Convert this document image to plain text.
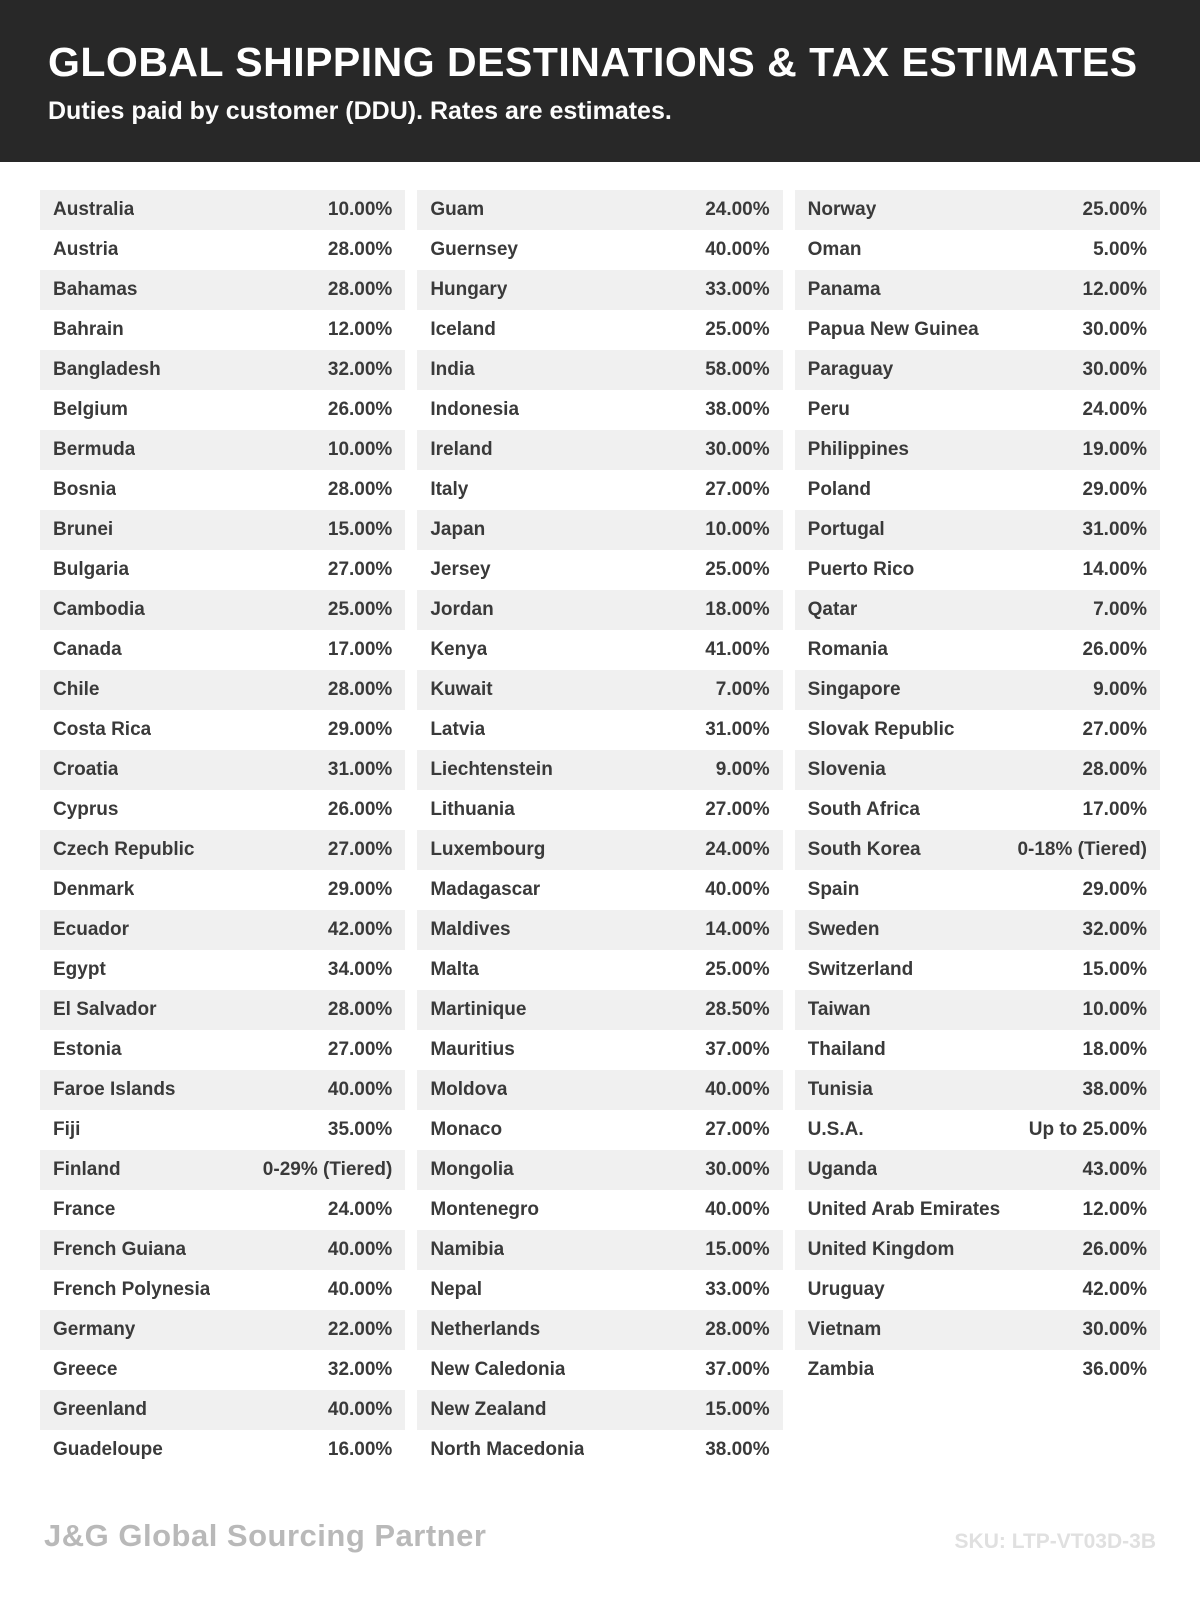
GLOBAL SHIPPING DESTINATIONS & TAX ESTIMATES
Duties paid by customer (DDU). Rates are estimates.
Australia	10.00%
Austria	28.00%
Bahamas	28.00%
Bahrain	12.00%
Bangladesh	32.00%
Belgium	26.00%
Bermuda	10.00%
Bosnia	28.00%
Brunei	15.00%
Bulgaria	27.00%
Cambodia	25.00%
Canada	17.00%
Chile	28.00%
Costa Rica	29.00%
Croatia	31.00%
Cyprus	26.00%
Czech Republic	27.00%
Denmark	29.00%
Ecuador	42.00%
Egypt	34.00%
El Salvador	28.00%
Estonia	27.00%
Faroe Islands	40.00%
Fiji	35.00%
Finland	0-29% (Tiered)
France	24.00%
French Guiana	40.00%
French Polynesia	40.00%
Germany	22.00%
Greece	32.00%
Greenland	40.00%
Guadeloupe	16.00%
Guam	24.00%
Guernsey	40.00%
Hungary	33.00%
Iceland	25.00%
India	58.00%
Indonesia	38.00%
Ireland	30.00%
Italy	27.00%
Japan	10.00%
Jersey	25.00%
Jordan	18.00%
Kenya	41.00%
Kuwait	7.00%
Latvia	31.00%
Liechtenstein	9.00%
Lithuania	27.00%
Luxembourg	24.00%
Madagascar	40.00%
Maldives	14.00%
Malta	25.00%
Martinique	28.50%
Mauritius	37.00%
Moldova	40.00%
Monaco	27.00%
Mongolia	30.00%
Montenegro	40.00%
Namibia	15.00%
Nepal	33.00%
Netherlands	28.00%
New Caledonia	37.00%
New Zealand	15.00%
North Macedonia	38.00%
Norway	25.00%
Oman	5.00%
Panama	12.00%
Papua New Guinea	30.00%
Paraguay	30.00%
Peru	24.00%
Philippines	19.00%
Poland	29.00%
Portugal	31.00%
Puerto Rico	14.00%
Qatar	7.00%
Romania	26.00%
Singapore	9.00%
Slovak Republic	27.00%
Slovenia	28.00%
South Africa	17.00%
South Korea	0-18% (Tiered)
Spain	29.00%
Sweden	32.00%
Switzerland	15.00%
Taiwan	10.00%
Thailand	18.00%
Tunisia	38.00%
U.S.A.	Up to 25.00%
Uganda	43.00%
United Arab Emirates	12.00%
United Kingdom	26.00%
Uruguay	42.00%
Vietnam	30.00%
Zambia	36.00%
J&G Global Sourcing Partner	SKU: LTP-VT03D-3B
